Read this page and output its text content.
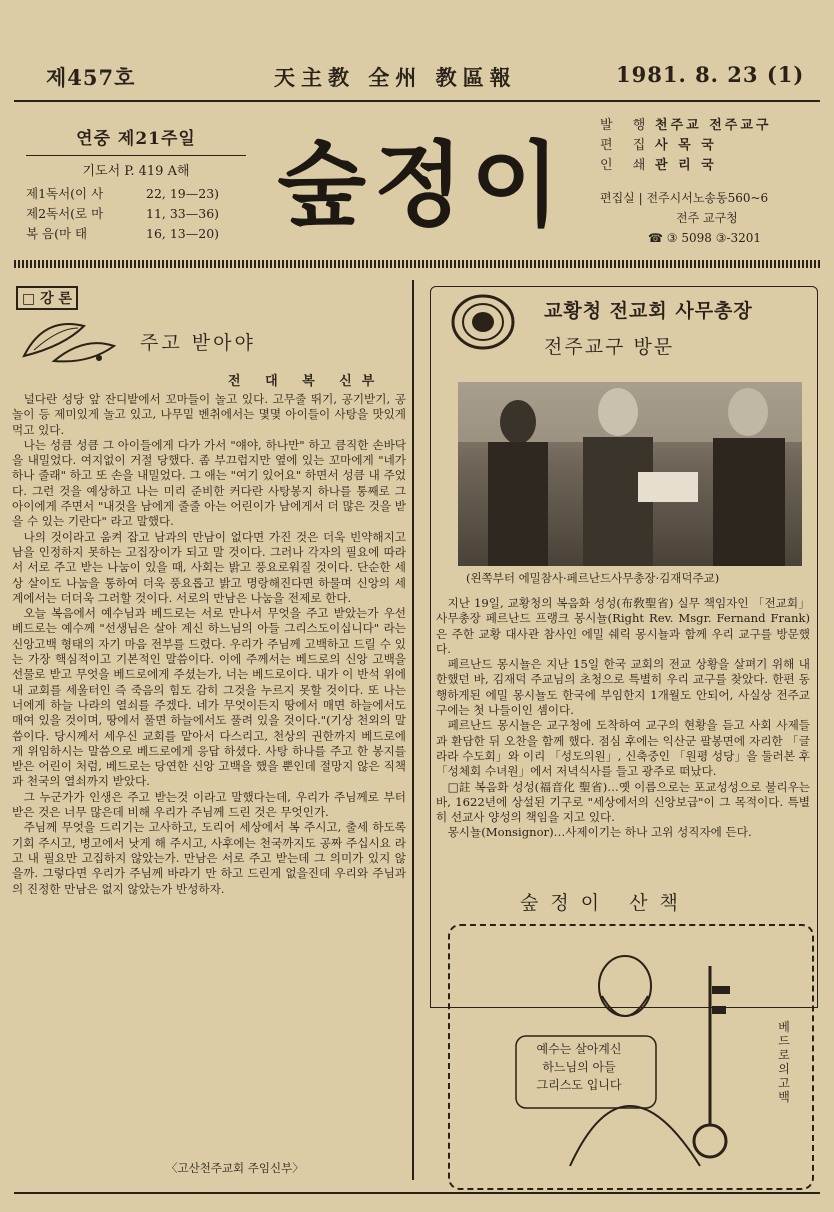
제457호	天主教 全州 教區報	1981. 8. 23 (1)
연중 제21주일
기도서 P. 419 A해
제1독서(이 사	22, 19—23)
제2독서(로 마	11, 33—36)
복 음(마 태	16, 13—20) 숲정이
발 행 천주교 전주교구
편 집 사 목 국
인 쇄 관 리 국
편집실 | 전주시서노송동560~6
전주 교구청
☎ ③ 5098 ③-3201
□ 강 론
주고 받아야
전 대 복 신부

널다란 성당 앞 잔디밭에서 꼬마들이 놀고 있다. 고무줄 뛰기, 공기받기, 공놀이 등 제미있게 놀고 있고, 나무밑 벤취에서는 몇몇 아이들이 사탕을 맛있게 먹고 있다.

나는 성큼 성큼 그 아이들에게 다가 가서 "얘야, 하나만" 하고 큼직한 손바닥을 내밀었다. 여지없이 거절 당했다. 좀 부끄럽지만 옆에 있는 꼬마에게 "네가 하나 줄래" 하고 또 손을 내밀었다. 그 애는 "여기 있어요" 하면서 성큼 내 주었다. 그런 것을 예상하고 나는 미리 준비한 커다란 사탕봉지 하나를 통째로 그 아이에게 주면서 "내것을 남에게 줄줄 아는 어린이가 남에게서 더 많은 것을 받을 수 있는 기란다" 라고 말했다.

나의 것이라고 움켜 잡고 남과의 만남이 없다면 가진 것은 더욱 빈약해지고 남을 인정하지 못하는 고집장이가 되고 말 것이다. 그러나 각자의 필요에 따라서 서로 주고 받는 나눔이 있을 때, 사회는 밝고 풍요로워질 것이다. 단순한 세상 살이도 나눔을 통하여 더욱 풍요롭고 밝고 명랑해진다면 하물며 신앙의 세계에서는 더더욱 그러할 것이다. 서로의 만남은 나눔을 전제로 한다.

오늘 복음에서 예수님과 베드로는 서로 만나서 무엇을 주고 받았는가 우선 베드로는 예수께 "선생님은 살아 계신 하느님의 아들 그리스도이십니다" 라는 신앙고백 형태의 자기 마음 전부를 드렸다. 우리가 주님께 고백하고 드릴 수 있는 가장 핵심적이고 기본적인 말씀이다. 이에 주께서는 베드로의 신앙 고백을 선물로 받고 무엇을 베드로에게 주셨는가, 너는 베드로이다. 내가 이 반석 위에 내 교회를 세울터인 즉 죽음의 힘도 감히 그것을 누르지 못할 것이다. 또 나는 너에게 하늘 나라의 열쇠를 주겠다. 네가 무엇이든지 땅에서 매면 하늘에서도 매여 있을 것이며, 땅에서 풀면 하늘에서도 풀려 있을 것이다."(기상 천외의 말씀이다. 당시께서 세우신 교회를 맡아서 다스리고, 천상의 권한까지 베드로에게 위임하시는 말씀으로 베드로에게 응답 하셨다. 사탕 하나를 주고 한 봉지를 받은 어린이 처럼, 베드로는 당연한 신앙 고백을 했을 뿐인데 절망지 않은 직책과 천국의 열쇠까지 받았다.

그 누군가가 인생은 주고 받는것 이라고 말했다는데, 우리가 주님께로 부터 받은 것은 너무 많은데 비해 우리가 주님께 드린 것은 무엇인가.

주님께 무엇을 드리기는 고사하고, 도리어 세상에서 복 주시고, 출세 하도록 기회 주시고, 병고에서 낫게 해 주시고, 사후에는 천국까지도 공짜 주십시요 라고 내 필요만 고집하지 않았는가. 만남은 서로 주고 받는데 그 의미가 있지 않을까. 그렇다면 우리가 주님께 바라기 만 하고 드린게 없을진데 우리와 주님과의 진정한 만남은 없지 않았는가 반성하자.

〈고산천주교회 주임신부〉
교황청 전교회 사무총장
전주교구 방문
(왼쪽부터 에밀참사·페르난드사무총장·김재덕주교)

지난 19일, 교황청의 복음화 성성(布敎聖省) 실무 책임자인 「전교회」사무총장 페르난드 프랭크 몽시뇰(Right Rev. Msgr. Fernand Frank)은 주한 교황 대사관 참사인 에밀 쉐릭 몽시뇰과 함께 우리 교구를 방문했다.

페르난드 몽시뇰은 지난 15일 한국 교회의 전교 상황을 살펴기 위해 내한했던 바, 김재덕 주교님의 초청으로 특별히 우리 교구를 찾았다. 한편 동행하게된 에밀 몽시뇰도 한국에 부임한지 1개월도 안되어, 사실상 전주교구에는 첫 나들이인 셈이다.

페르난드 몽시뇰은 교구청에 도착하여 교구의 현황을 듣고 사회 사제들과 환담한 뒤 오찬을 함께 했다. 점심 후에는 익산군 팔봉면에 자리한 「글라라 수도회」와 이리 「성도의원」, 신축중인 「원평 성당」을 둘러본 후 「성체회 수녀원」에서 저녁식사를 들고 광주로 떠났다.

□註 복음화 성성(福音化 聖省)…옛 이름으로는 포교성성으로 불리우는 바, 1622년에 상설된 기구로 "세상에서의 신앙보급"이 그 목적이다. 특별히 선교사 양성의 책임을 지고 있다.

몽시뇰(Monsignor)…사제이기는 하나 고위 성직자에 든다.

숲정이 산책
예수는 살아계신
하느님의 아들
그리스도 입니다
베드로의 고백
